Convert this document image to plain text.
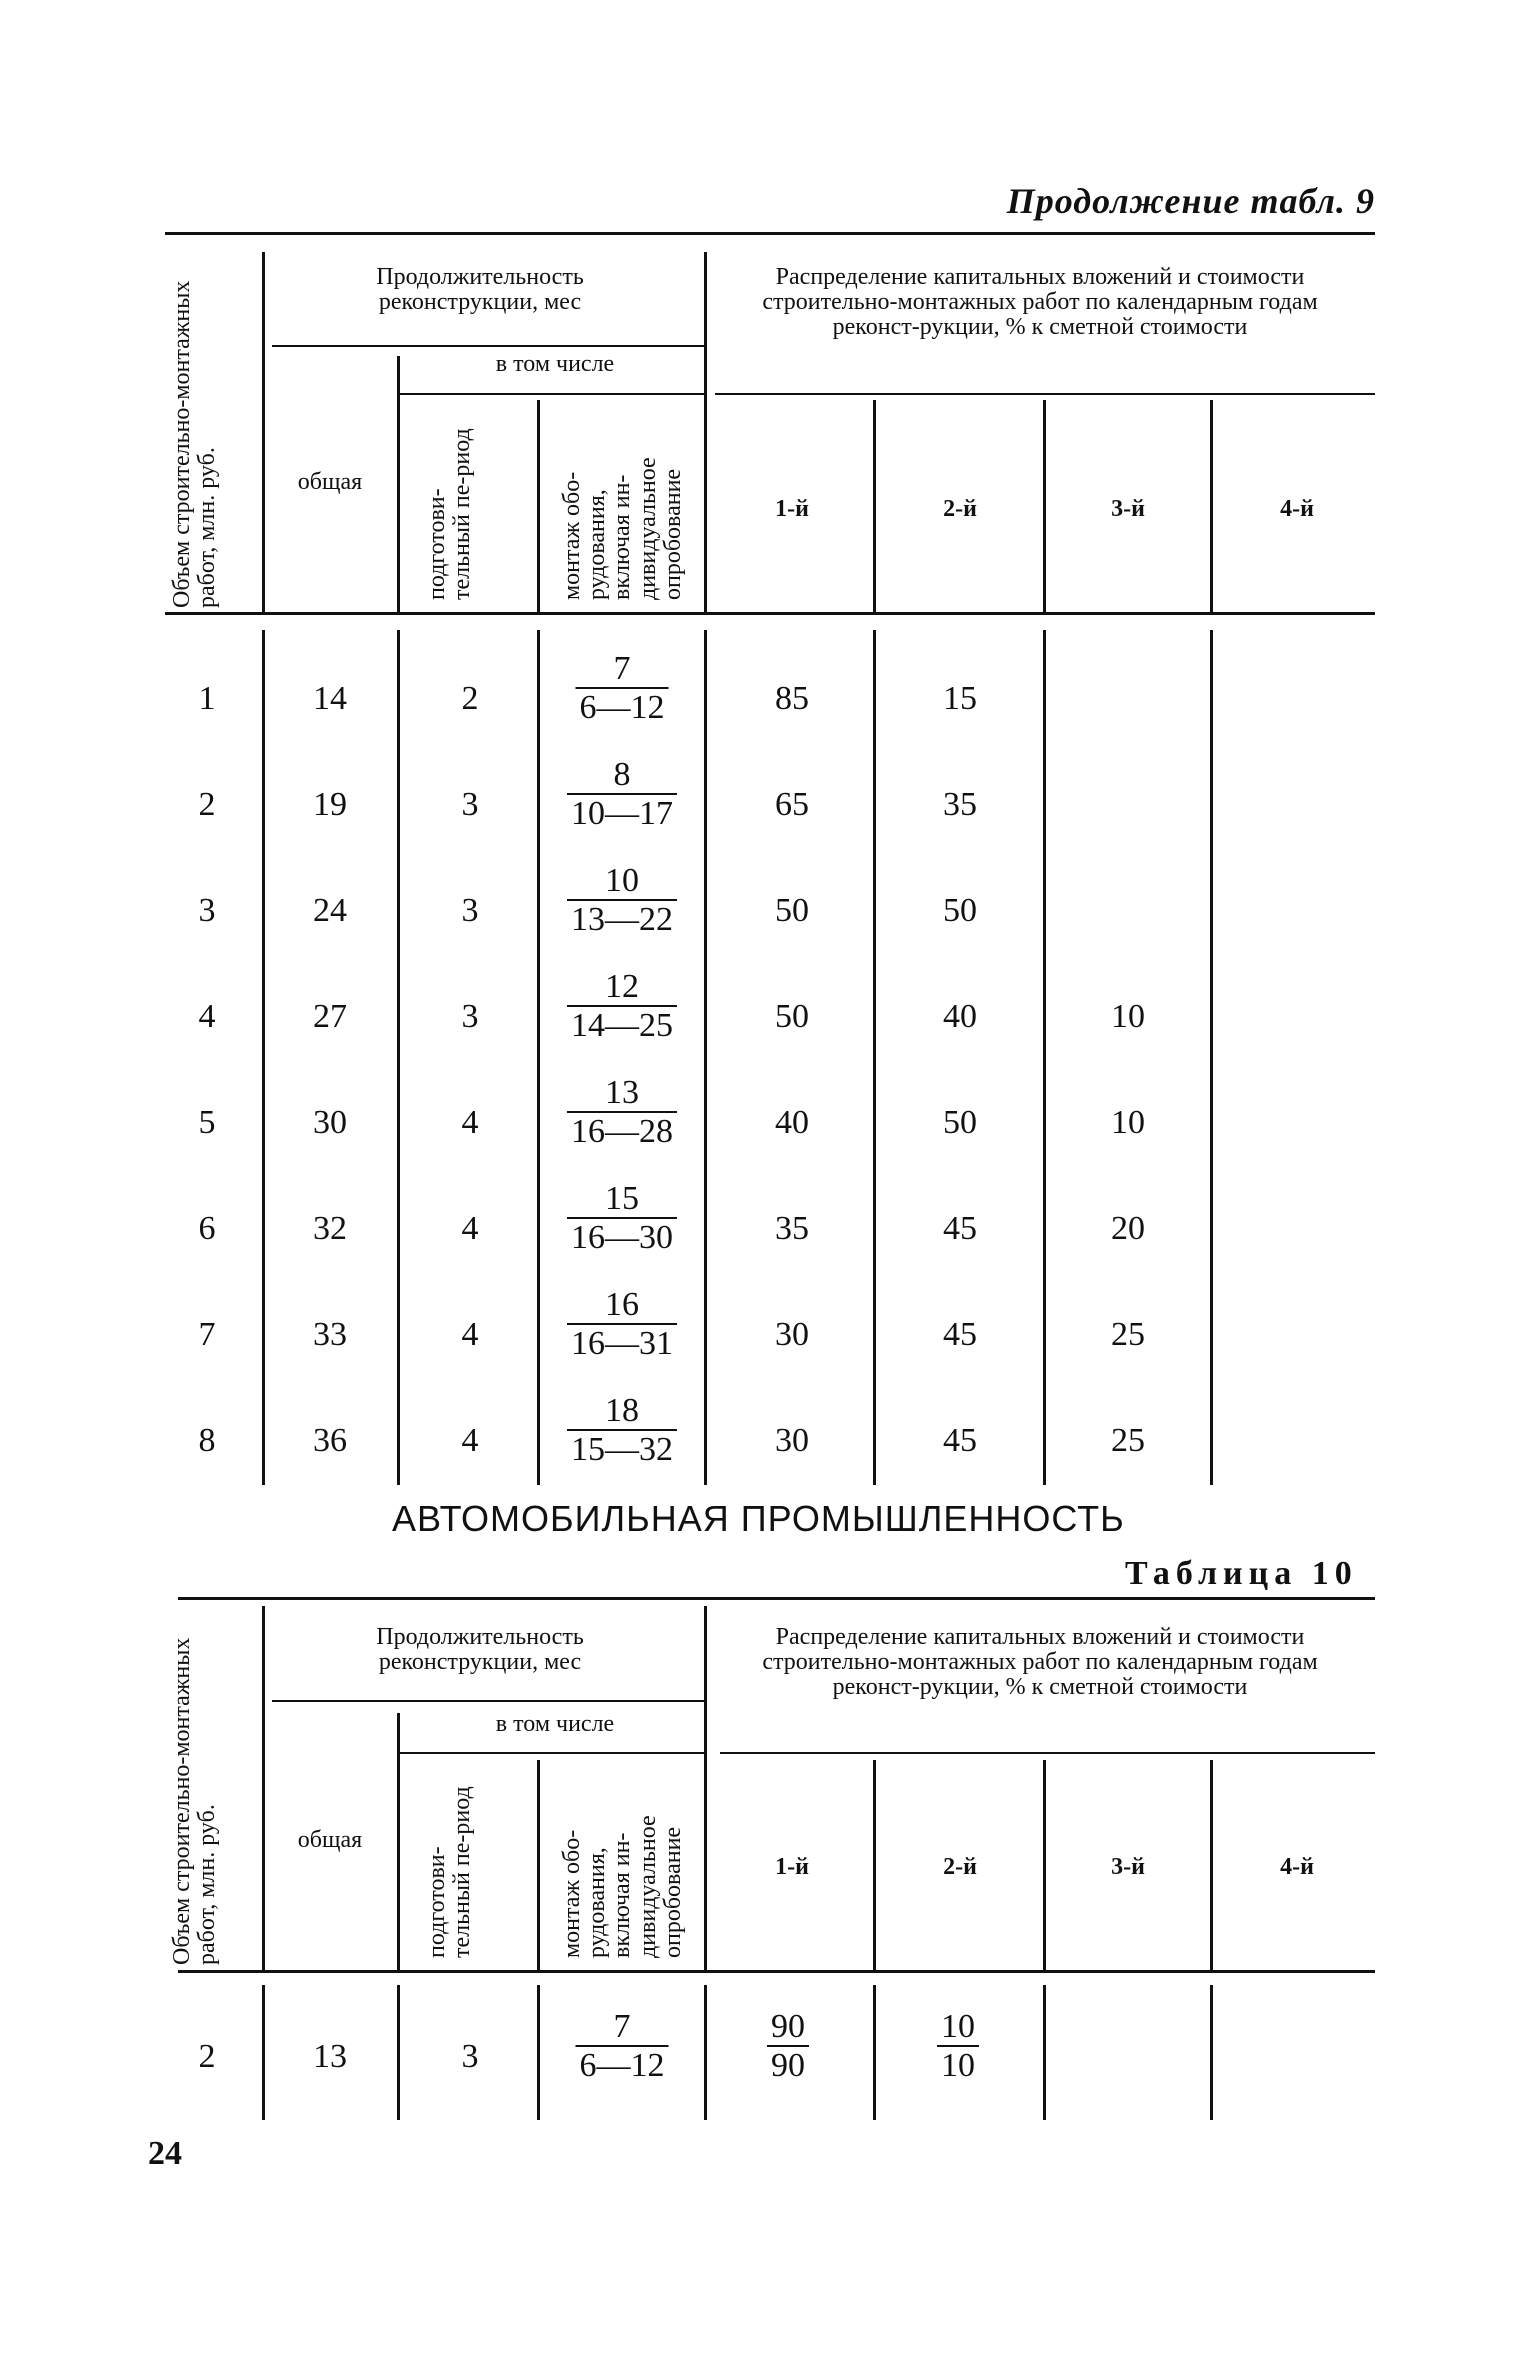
Продолжение табл. 9
Объем строительно-монтажных работ, млн. руб.
Продолжительность реконструкции, мес
в том числе
общая
подготови-тельный пе-риод	монтаж обо-рудования, включая ин-дивидуальное опробование
Распределение капитальных вложений и стоимости строительно-монтажных работ по календарным годам реконст-рукции, % к сметной стоимости
1-й	2-й	3-й	4-й
1	14	2	$\frac{7}{6—12}$	85	15
2	19	3	$\frac{8}{10—17}$	65	35
3	24	3	$\frac{10}{13—22}$	50	50
4	27	3	$\frac{12}{14—25}$	50	40	10
5	30	4	$\frac{13}{16—28}$	40	50	10
6	32	4	$\frac{15}{16—30}$	35	45	20
7	33	4	$\frac{16}{16—31}$	30	45	25
8	36	4	$\frac{18}{15—32}$	30	45	25
АВТОМОБИЛЬНАЯ ПРОМЫШЛЕННОСТЬ
Таблица 10
Объем строительно-монтажных работ, млн. руб.
Продолжительность реконструкции, мес
в том числе
общая
подготови-тельный пе-риод	монтаж обо-рудования, включая ин-дивидуальное опробование
Распределение капитальных вложений и стоимости строительно-монтажных работ по календарным годам реконст-рукции, % к сметной стоимости
1-й	2-й	3-й	4-й
2	13	3	$\frac{7}{6—12}$	$\frac{90}{90}$	$\frac{10}{10}$
24
